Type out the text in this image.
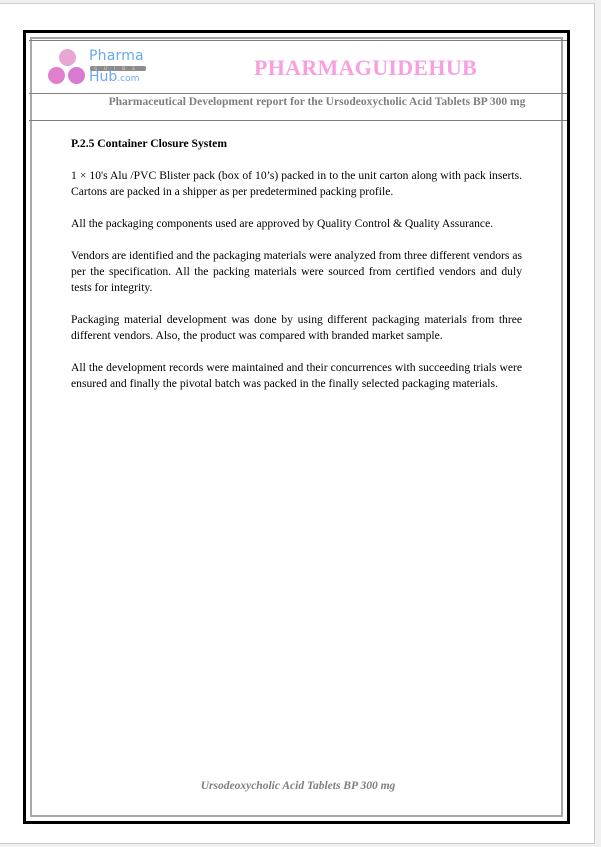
Pharma
GUIDE
Hub.com	PHARMAGUIDEHUB
Pharmaceutical Development report for the Ursodeoxycholic Acid Tablets BP 300 mg
P.2.5 Container Closure System

1 × 10's Alu /PVC Blister pack (box of 10’s) packed in to the unit carton along with pack inserts. Cartons are packed in a shipper as per predetermined packing profile.

All the packaging components used are approved by Quality Control & Quality Assurance.

Vendors are identified and the packaging materials were analyzed from three different vendors as per the specification. All the packing materials were sourced from certified vendors and duly tests for integrity.

Packaging material development was done by using different packaging materials from three different vendors. Also, the product was compared with branded market sample.

All the development records were maintained and their concurrences with succeeding trials were ensured and finally the pivotal batch was packed in the finally selected packaging materials.

Ursodeoxycholic Acid Tablets BP 300 mg
